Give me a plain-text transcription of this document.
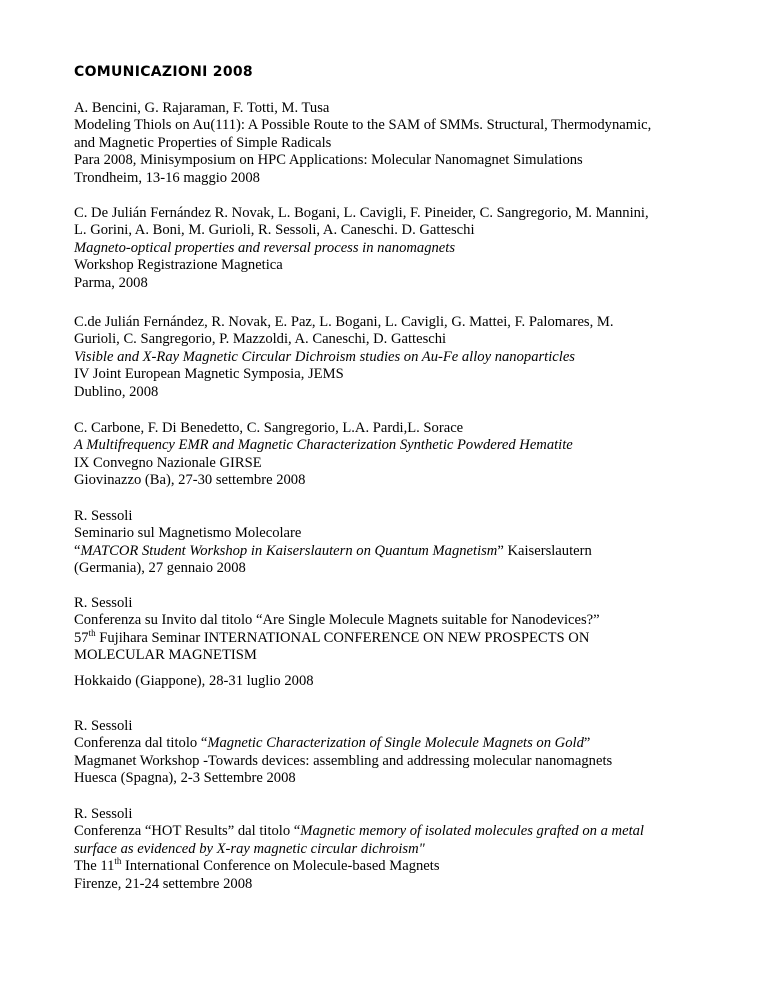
COMUNICAZIONI 2008
A. Bencini, G. Rajaraman, F. Totti, M. Tusa
Modeling Thiols on Au(111): A Possible Route to the SAM of SMMs. Structural, Thermodynamic,
and Magnetic Properties of Simple Radicals
Para 2008, Minisymposium on HPC Applications: Molecular Nanomagnet Simulations
Trondheim, 13-16 maggio 2008
C. De Julián Fernández R. Novak, L. Bogani, L. Cavigli, F. Pineider, C. Sangregorio, M. Mannini,
L. Gorini, A. Boni, M. Gurioli, R. Sessoli, A. Caneschi. D. Gatteschi
Magneto-optical properties and reversal process in nanomagnets
Workshop Registrazione Magnetica
Parma, 2008
C.de Julián Fernández, R. Novak, E. Paz, L. Bogani, L. Cavigli, G. Mattei, F. Palomares, M.
Gurioli, C. Sangregorio, P. Mazzoldi, A. Caneschi, D. Gatteschi
Visible and X-Ray Magnetic Circular Dichroism studies on Au-Fe alloy nanoparticles
IV Joint European Magnetic Symposia, JEMS
Dublino, 2008
C. Carbone, F. Di Benedetto, C. Sangregorio, L.A. Pardi,L. Sorace
A Multifrequency EMR and Magnetic Characterization Synthetic Powdered Hematite
IX Convegno Nazionale GIRSE
Giovinazzo (Ba), 27-30 settembre 2008
R. Sessoli
Seminario sul Magnetismo Molecolare
“MATCOR Student Workshop in Kaiserslautern on Quantum Magnetism” Kaiserslautern
(Germania), 27 gennaio 2008
R. Sessoli
Conferenza su Invito dal titolo “Are Single Molecule Magnets suitable for Nanodevices?”
57th Fujihara Seminar INTERNATIONAL CONFERENCE ON NEW PROSPECTS ON
MOLECULAR MAGNETISM
Hokkaido (Giappone), 28-31 luglio 2008
R. Sessoli
Conferenza dal titolo “Magnetic Characterization of Single Molecule Magnets on Gold”
Magmanet Workshop -Towards devices: assembling and addressing molecular nanomagnets
Huesca (Spagna), 2-3 Settembre 2008
R. Sessoli
Conferenza “HOT Results” dal titolo “Magnetic memory of isolated molecules grafted on a metal
surface as evidenced by X-ray magnetic circular dichroism"
The 11th International Conference on Molecule-based Magnets
Firenze, 21-24 settembre 2008
